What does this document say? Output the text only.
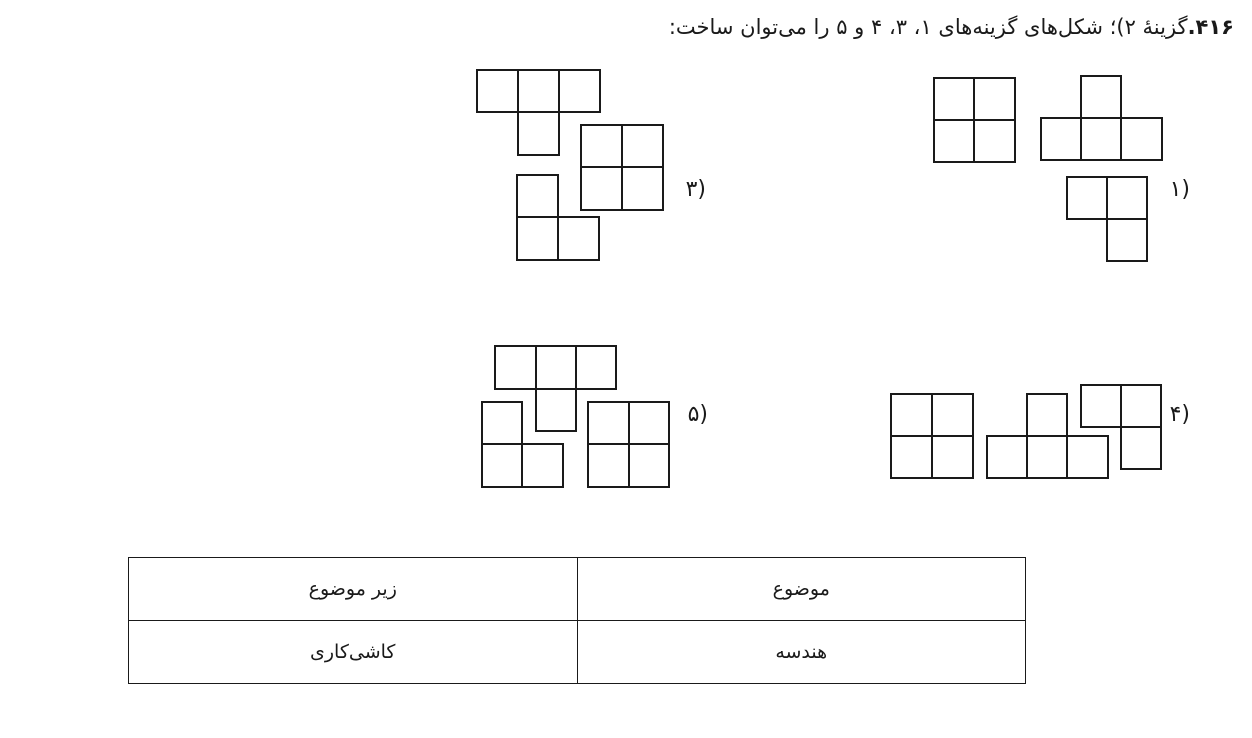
۴۱۶.گزینهٔ ۲)؛ شکل‌های گزینه‌های ۱، ۳، ۴ و ۵ را می‌توان ساخت:
۱)
۳)
۴)
۵)
موضوع	زیر موضوع
هندسه	کاشی‌کاری
